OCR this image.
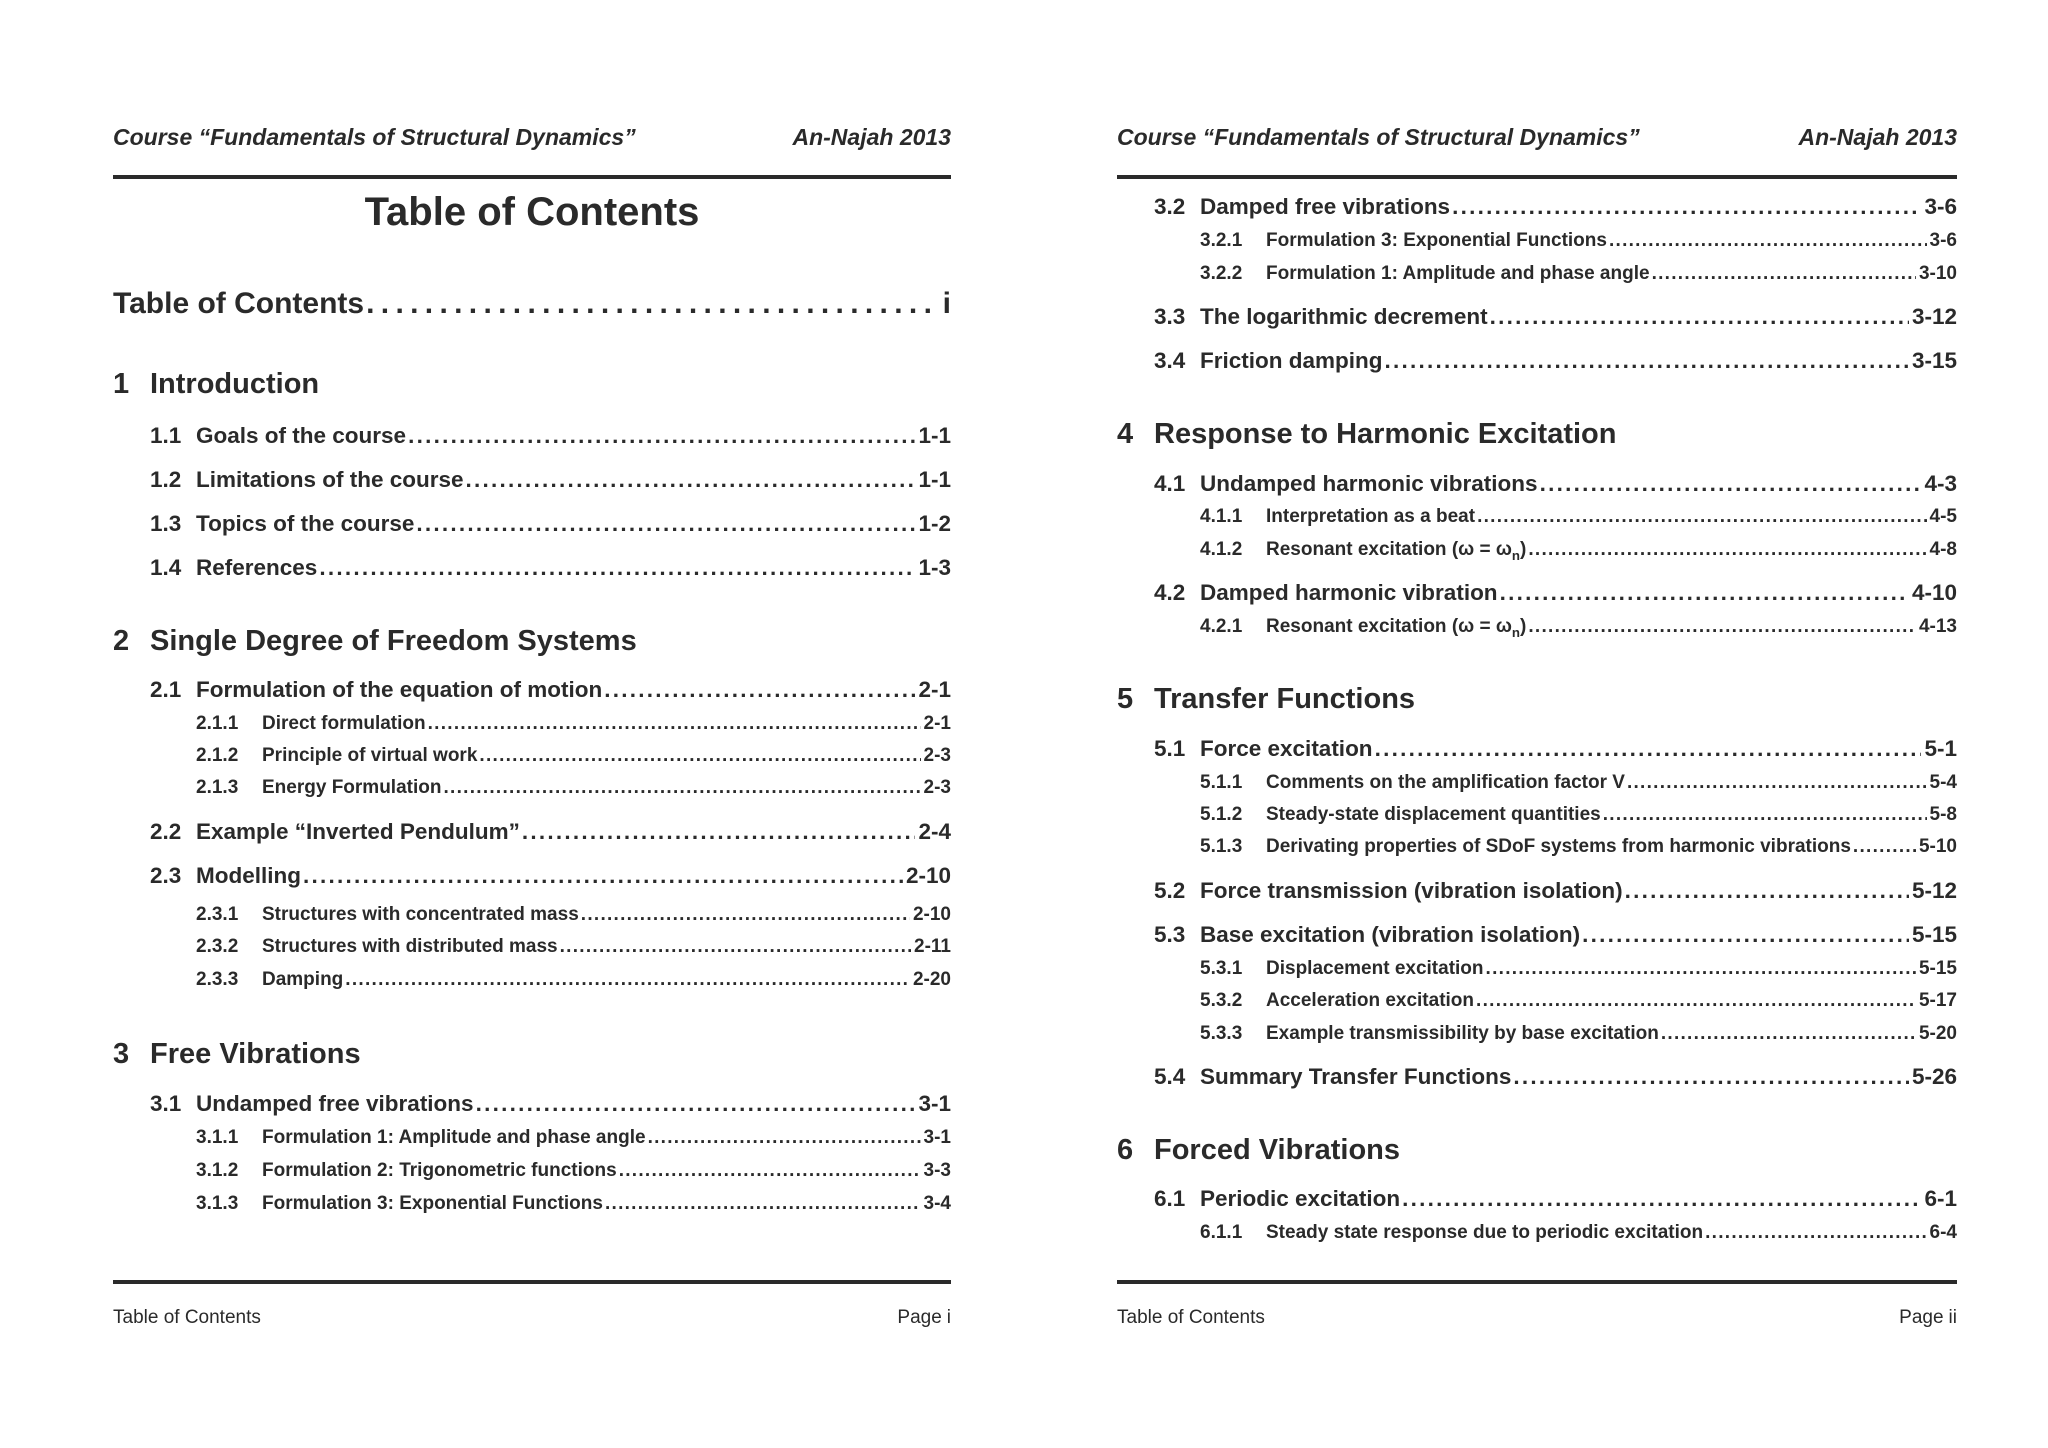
Course “Fundamentals of Structural Dynamics”	An-Najah 2013
Table of Contents
Table of Contents . . .	i
1 Introduction
1.1 Goals of the course . . .	1-1
1.2 Limitations of the course . . .	1-1
1.3 Topics of the course . . .	1-2
1.4 References . . .	1-3
2 Single Degree of Freedom Systems
2.1 Formulation of the equation of motion . . .	2-1
2.1.1	Direct formulation . . .	2-1
2.1.2	Principle of virtual work . . .	2-3
2.1.3	Energy Formulation . . .	2-3
2.2 Example “Inverted Pendulum” . . .	2-4
2.3 Modelling . . .	2-10
2.3.1	Structures with concentrated mass . . .	2-10
2.3.2	Structures with distributed mass . . .	2-11
2.3.3	Damping . . .	2-20
3 Free Vibrations
3.1 Undamped free vibrations . . .	3-1
3.1.1	Formulation 1: Amplitude and phase angle . . .	3-1
3.1.2	Formulation 2: Trigonometric functions . . .	3-3
3.1.3	Formulation 3: Exponential Functions . . .	3-4
Table of Contents	Page i
Course “Fundamentals of Structural Dynamics”	An-Najah 2013
3.2 Damped free vibrations . . .	3-6
3.2.1	Formulation 3: Exponential Functions . . .	3-6
3.2.2	Formulation 1: Amplitude and phase angle . . .	3-10
3.3 The logarithmic decrement . . .	3-12
3.4 Friction damping . . .	3-15
4 Response to Harmonic Excitation
4.1 Undamped harmonic vibrations . . .	4-3
4.1.1	Interpretation as a beat . . .	4-5
4.1.2	Resonant excitation $(\omega = \omega_n)$ . . .	4-8
4.2 Damped harmonic vibration . . .	4-10
4.2.1	Resonant excitation $(\omega = \omega_n)$ . . .	4-13
5 Transfer Functions
5.1 Force excitation . . .	5-1
5.1.1	Comments on the amplification factor V . . .	5-4
5.1.2	Steady-state displacement quantities . . .	5-8
5.1.3	Derivating properties of SDoF systems from harmonic vibrations . . .	5-10
5.2 Force transmission (vibration isolation) . . .	5-12
5.3 Base excitation (vibration isolation) . . .	5-15
5.3.1	Displacement excitation . . .	5-15
5.3.2	Acceleration excitation . . .	5-17
5.3.3	Example transmissibility by base excitation . . .	5-20
5.4 Summary Transfer Functions . . .	5-26
6 Forced Vibrations
6.1 Periodic excitation . . .	6-1
6.1.1	Steady state response due to periodic excitation . . .	6-4
Table of Contents	Page ii
